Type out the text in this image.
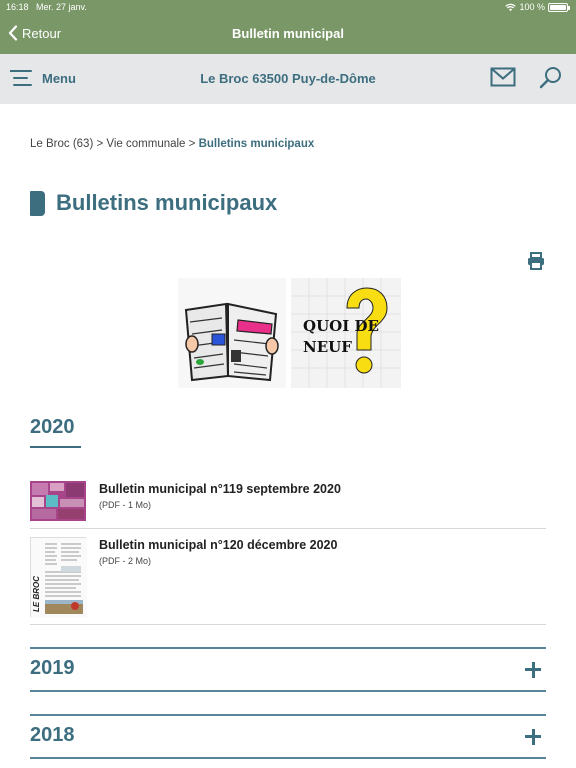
16:18 Mer. 27 janv.	100 %
Retour	Bulletin municipal
Menu	Le Broc 63500 Puy-de-Dôme
Le Broc (63) > Vie communale > Bulletins municipaux
Bulletins municipaux
QUOI DE NEUF
2020
Bulletin municipal n°119 septembre 2020
(PDF - 1 Mo)
LE BROC
Bulletin municipal n°120 décembre 2020
(PDF - 2 Mo)
2019
2018
